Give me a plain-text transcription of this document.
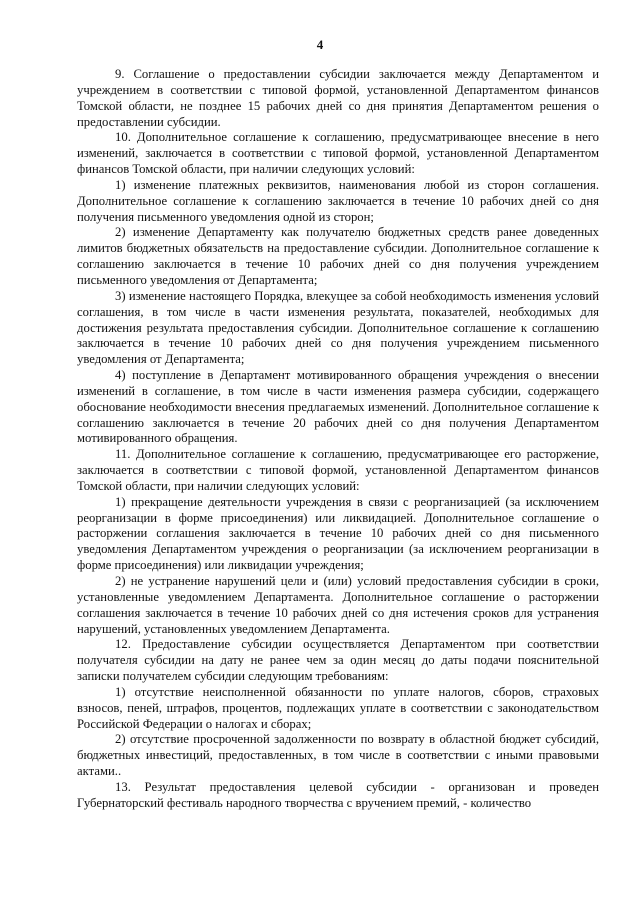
4

9. Соглашение о предоставлении субсидии заключается между Департаментом и учреждением в соответствии с типовой формой, установленной Департаментом финансов Томской области, не позднее 15 рабочих дней со дня принятия Департаментом решения о предоставлении субсидии.

10. Дополнительное соглашение к соглашению, предусматривающее внесение в него изменений, заключается в соответствии с типовой формой, установленной Департаментом финансов Томской области, при наличии следующих условий:

1) изменение платежных реквизитов, наименования любой из сторон соглашения. Дополнительное соглашение к соглашению заключается в течение 10 рабочих дней со дня получения письменного уведомления одной из сторон;

2) изменение Департаменту как получателю бюджетных средств ранее доведенных лимитов бюджетных обязательств на предоставление субсидии. Дополнительное соглашение к соглашению заключается в течение 10 рабочих дней со дня получения учреждением письменного уведомления от Департамента;

3) изменение настоящего Порядка, влекущее за собой необходимость изменения условий соглашения, в том числе в части изменения результата, показателей, необходимых для достижения результата предоставления субсидии. Дополнительное соглашение к соглашению заключается в течение 10 рабочих дней со дня получения учреждением письменного уведомления от Департамента;

4) поступление в Департамент мотивированного обращения учреждения о внесении изменений в соглашение, в том числе в части изменения размера субсидии, содержащего обоснование необходимости внесения предлагаемых изменений. Дополнительное соглашение к соглашению заключается в течение 20 рабочих дней со дня получения Департаментом мотивированного обращения.

11. Дополнительное соглашение к соглашению, предусматривающее его расторжение, заключается в соответствии с типовой формой, установленной Департаментом финансов Томской области, при наличии следующих условий:

1) прекращение деятельности учреждения в связи с реорганизацией (за исключением реорганизации в форме присоединения) или ликвидацией. Дополнительное соглашение о расторжении соглашения заключается в течение 10 рабочих дней со дня письменного уведомления Департаментом учреждения о реорганизации (за исключением реорганизации в форме присоединения) или ликвидации учреждения;

2) не устранение нарушений цели и (или) условий предоставления субсидии в сроки, установленные уведомлением Департамента. Дополнительное соглашение о расторжении соглашения заключается в течение 10 рабочих дней со дня истечения сроков для устранения нарушений, установленных уведомлением Департамента.

12. Предоставление субсидии осуществляется Департаментом при соответствии получателя субсидии на дату не ранее чем за один месяц до даты подачи пояснительной записки получателем субсидии следующим требованиям:

1) отсутствие неисполненной обязанности по уплате налогов, сборов, страховых взносов, пеней, штрафов, процентов, подлежащих уплате в соответствии с законодательством Российской Федерации о налогах и сборах;

2) отсутствие просроченной задолженности по возврату в областной бюджет субсидий, бюджетных инвестиций, предоставленных, в том числе в соответствии с иными правовыми актами..

13. Результат предоставления целевой субсидии - организован и проведен Губернаторский фестиваль народного творчества с вручением премий, - количество
